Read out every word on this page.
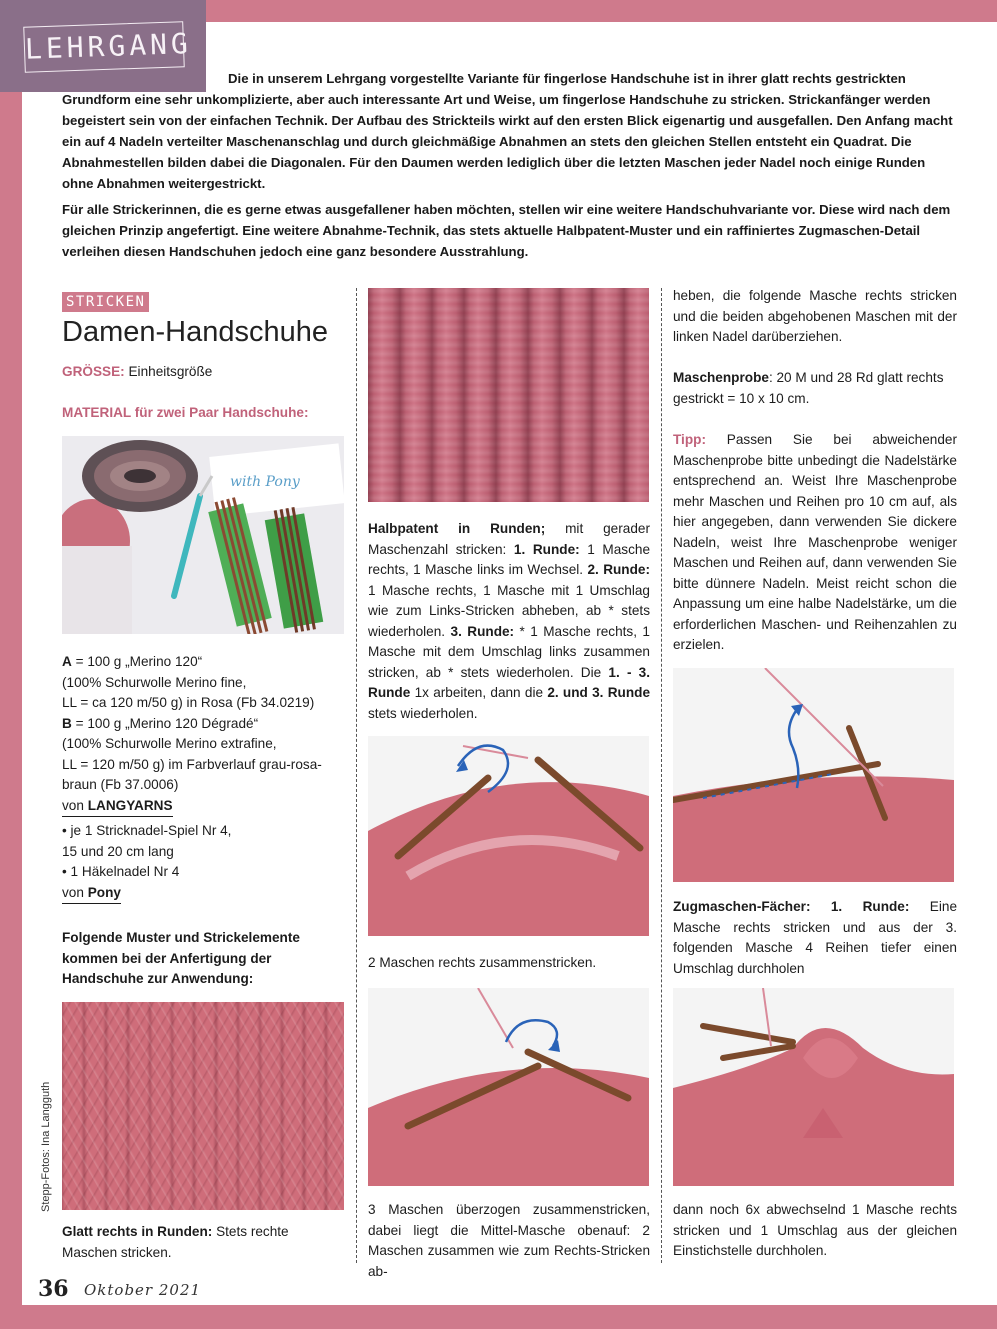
LEHRGANG

Die in unserem Lehrgang vorgestellte Variante für fingerlose Handschuhe ist in ihrer glatt rechts gestrickten Grundform eine sehr unkomplizierte, aber auch interessante Art und Weise, um fingerlose Handschuhe zu stricken. Strickanfänger werden begeistert sein von der einfachen Technik. Der Aufbau des Strickteils wirkt auf den ersten Blick eigenartig und ausgefallen. Den Anfang macht ein auf 4 Nadeln verteilter Maschenanschlag und durch gleichmäßige Abnahmen an stets den gleichen Stellen entsteht ein Quadrat. Die Abnahmestellen bilden dabei die Diagonalen. Für den Daumen werden lediglich über die letzten Maschen jeder Nadel noch einige Runden ohne Abnahmen weitergestrickt.

Für alle Strickerinnen, die es gerne etwas ausgefallener haben möchten, stellen wir eine weitere Handschuhvariante vor. Diese wird nach dem gleichen Prinzip angefertigt. Eine weitere Abnahme-Technik, das stets aktuelle Halbpatent-Muster und ein raffiniertes Zugmaschen-Detail verleihen diesen Handschuhen jedoch eine ganz besondere Ausstrahlung.

STRICKEN
Damen-Handschuhe
GRÖSSE: Einheitsgröße
MATERIAL für zwei Paar Handschuhe:
with Pony
A = 100 g „Merino 120“
(100% Schurwolle Merino fine,
LL = ca 120 m/50 g) in Rosa (Fb 34.0219)
B = 100 g „Merino 120 Dégradé“
(100% Schurwolle Merino extrafine,
LL = 120 m/50 g) im Farbverlauf grau-rosa-
braun (Fb 37.0006)
von LANGYARNS
• je 1 Stricknadel-Spiel Nr 4,
15 und 20 cm lang
• 1 Häkelnadel Nr 4
von Pony
Folgende Muster und Strickelemente kommen bei der Anfertigung der Handschuhe zur Anwendung:
Stepp-Fotos: Ina Langguth
Glatt rechts in Runden: Stets rechte Maschen stricken.
Halbpatent in Runden; mit gerader Maschenzahl stricken: 1. Runde: 1 Masche rechts, 1 Masche links im Wechsel. 2. Runde: 1 Masche rechts, 1 Masche mit 1 Umschlag wie zum Links-Stricken abheben, ab * stets wiederholen. 3. Runde: * 1 Masche rechts, 1 Masche mit dem Umschlag links zusammen stricken, ab * stets wiederholen. Die 1. - 3. Runde 1x arbeiten, dann die 2. und 3. Runde stets wiederholen.
2 Maschen rechts zusammenstricken.
3 Maschen überzogen zusammenstricken, dabei liegt die Mittel-Masche obenauf: 2 Maschen zusammen wie zum Rechts-Stricken ab-
heben, die folgende Masche rechts stricken und die beiden abgehobenen Maschen mit der linken Nadel darüberziehen.
Maschenprobe: 20 M und 28 Rd glatt rechts gestrickt = 10 x 10 cm.
Tipp: Passen Sie bei abweichender Maschenprobe bitte unbedingt die Nadelstärke entsprechend an. Weist Ihre Maschenprobe mehr Maschen und Reihen pro 10 cm auf, als hier angegeben, dann verwenden Sie dickere Nadeln, weist Ihre Maschenprobe weniger Maschen und Reihen auf, dann verwenden Sie bitte dünnere Nadeln. Meist reicht schon die Anpassung um eine halbe Nadelstärke, um die erforderlichen Maschen- und Reihenzahlen zu erzielen.
Zugmaschen-Fächer: 1. Runde: Eine Masche rechts stricken und aus der 3. folgenden Masche 4 Reihen tiefer einen Umschlag durchholen
dann noch 6x abwechselnd 1 Masche rechts stricken und 1 Umschlag aus der gleichen Einstichstelle durchholen.
36 Oktober 2021
